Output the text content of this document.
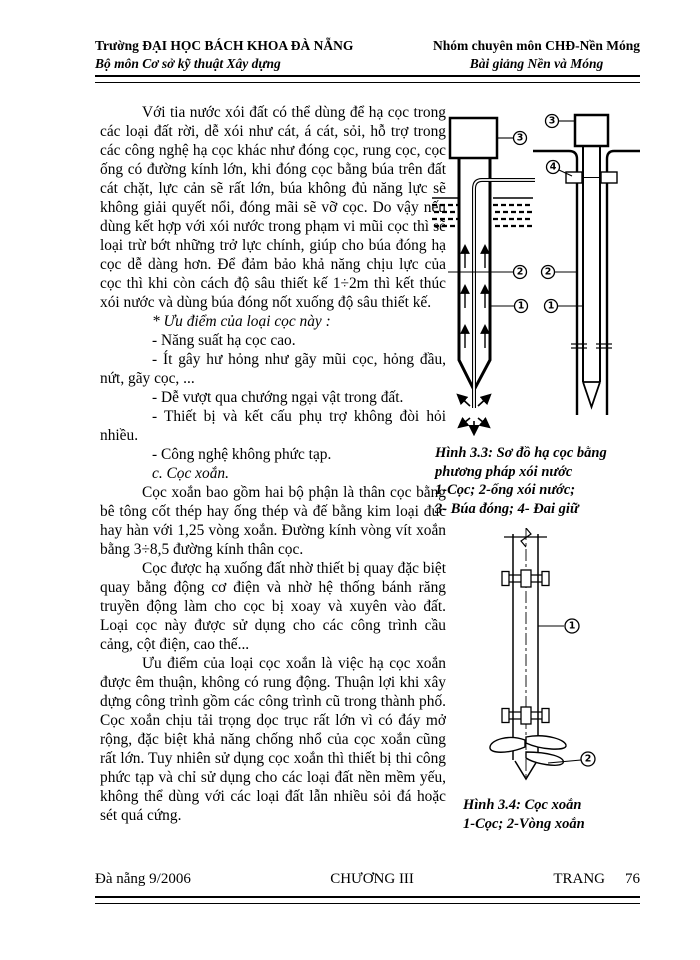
Trường ĐẠI HỌC BÁCH KHOA ĐÀ NẴNG
Bộ môn Cơ sở kỹ thuật Xây dựng
Nhóm chuyên môn CHĐ-Nền Móng
Bài giảng Nền và Móng

Với tia nước xói đất có thể dùng để hạ cọc trong các loại đất rời, dễ xói như cát, á cát, sỏi, hỗ trợ trong các công nghệ hạ cọc khác như đóng cọc, rung cọc, cọc ống có đường kính lớn, khi đóng cọc bằng búa trên đất cát chặt, lực cản sẽ rất lớn, búa không đủ năng lực sẽ không giải quyết nổi, đóng mãi sẽ vỡ cọc. Do vậy nếu dùng kết hợp với xói nước trong phạm vi mũi cọc thì sẽ loại trừ bớt những trở lực chính, giúp cho búa đóng hạ cọc dễ dàng hơn. Để đảm bảo khả năng chịu lực của cọc thì khi còn cách độ sâu thiết kế 1÷2m thì kết thúc xói nước và dùng búa đóng nốt xuống độ sâu thiết kế.

* Ưu điểm của loại cọc này :

- Năng suất hạ cọc cao.

- Ít gây hư hỏng như gãy mũi cọc, hỏng đầu, nứt, gãy cọc, ...

- Dễ vượt qua chướng ngại vật trong đất.

- Thiết bị và kết cấu phụ trợ không đòi hỏi nhiều.

- Công nghệ không phức tạp.

c. Cọc xoắn.

Cọc xoắn bao gồm hai bộ phận là thân cọc bằng bê tông cốt thép hay ống thép và đế bằng kim loại đúc hay hàn với 1,25 vòng xoắn. Đường kính vòng vít xoắn bằng 3÷8,5 đường kính thân cọc.

Cọc được hạ xuống đất nhờ thiết bị quay đặc biệt quay bằng động cơ điện và nhờ hệ thống bánh răng truyền động làm cho cọc bị xoay và xuyên vào đất. Loại cọc này được sử dụng cho các công trình cầu cảng, cột điện, cao thế...

Ưu điểm của loại cọc xoắn là việc hạ cọc xoắn được êm thuận, không có rung động. Thuận lợi khi xây dựng công trình gồm các công trình cũ trong thành phố. Cọc xoắn chịu tải trọng dọc trục rất lớn vì có đáy mở rộng, đặc biệt khả năng chống nhổ của cọc xoắn cũng rất lớn. Tuy nhiên sử dụng cọc xoắn thì thiết bị thi công phức tạp và chỉ sử dụng cho các loại đất nền mềm yếu, không thể dùng với các loại đất lẫn nhiều sỏi đá hoặc sét quá cứng.

3
2
1
3
4
2
1
Hình 3.3: Sơ đồ hạ cọc bằng
phương pháp xói nước
1-Cọc; 2-ống xói nước;
3- Búa đóng; 4- Đai giữ
1
2
Hình 3.4: Cọc xoắn
1-Cọc; 2-Vòng xoắn
Đà nẵng 9/2006	CHƯƠNG III	TRANG 76
